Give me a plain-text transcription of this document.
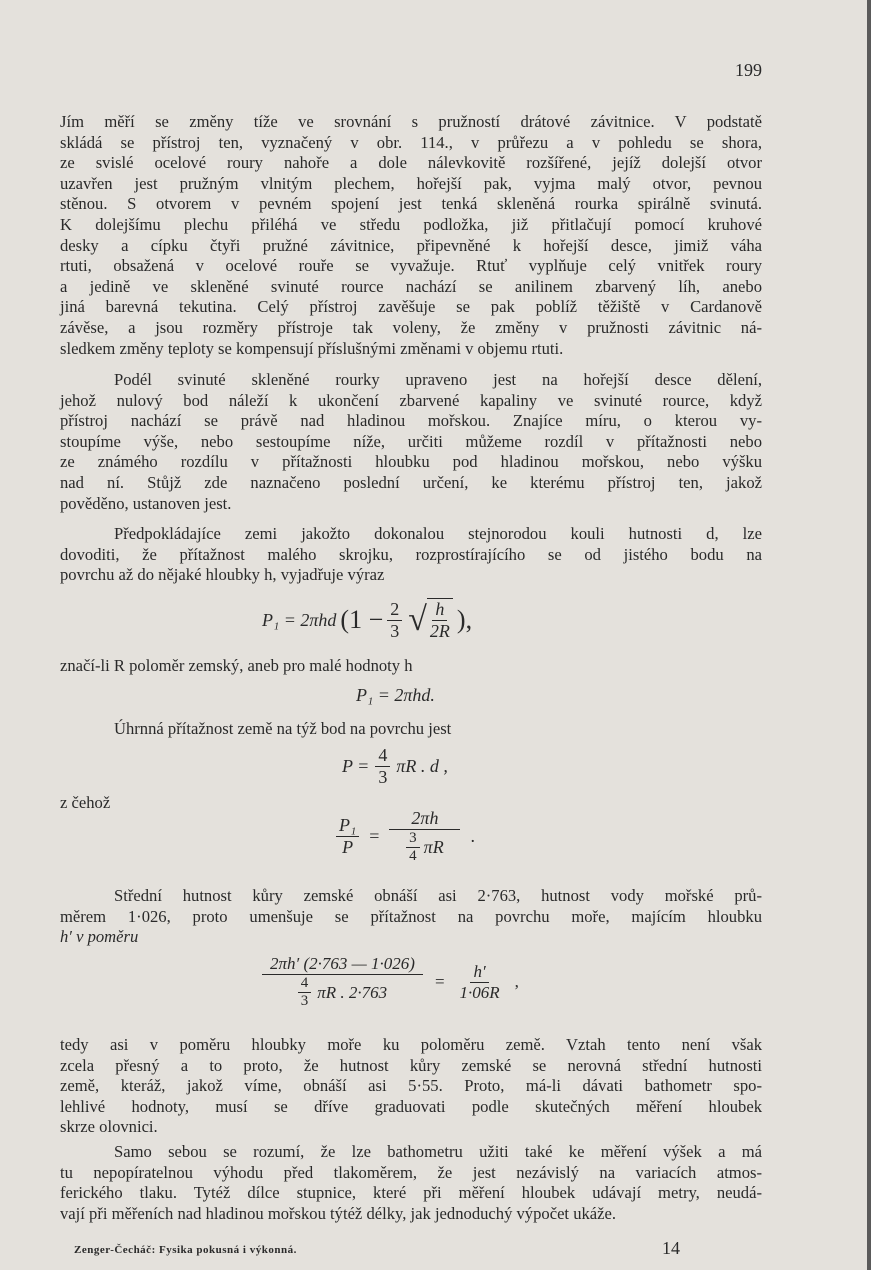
199
Jím měří se změny tíže ve srovnání s pružností drátové závitnice. V podstatě
skládá se přístroj ten, vyznačený v obr. 114., v průřezu a v pohledu se shora,
ze svislé ocelové roury nahoře a dole nálevkovitě rozšířené, jejíž dolejší otvor
uzavřen jest pružným vlnitým plechem, hořejší pak, vyjma malý otvor, pevnou
stěnou. S otvorem v pevném spojení jest tenká skleněná rourka spirálně svinutá.
K dolejšímu plechu přiléhá ve středu podložka, již přitlačují pomocí kruhové
desky a cípku čtyři pružné závitnice, připevněné k hořejší desce, jimiž váha
rtuti, obsažená v ocelové rouře se vyvažuje. Rtuť vyplňuje celý vnitřek roury
a jedině ve skleněné svinuté rource nachází se anilinem zbarvený líh, anebo
jiná barevná tekutina. Celý přístroj zavěšuje se pak poblíž těžiště v Cardanově
závěse, a jsou rozměry přístroje tak voleny, že změny v pružnosti závitnic ná-
sledkem změny teploty se kompensují příslušnými změnami v objemu rtuti.
Podél svinuté skleněné rourky upraveno jest na hořejší desce dělení,
jehož nulový bod náleží k ukončení zbarvené kapaliny ve svinuté rource, když
přístroj nachází se právě nad hladinou mořskou. Znajíce míru, o kterou vy-
stoupíme výše, nebo sestoupíme níže, určiti můžeme rozdíl v přítažnosti nebo
ze známého rozdílu v přítažnosti hloubku pod hladinou mořskou, nebo výšku
nad ní. Stůjž zde naznačeno poslední určení, ke kterému přístroj ten, jakož
pověděno, ustanoven jest.
Předpokládajíce zemi jakožto dokonalou stejnorodou kouli hutnosti d, lze
dovoditi, že přítažnost malého skrojku, rozprostírajícího se od jistého bodu na
povrchu až do nějaké hloubky h, vyjadřuje výraz
P₁ = 2πhd ($1 - \frac{2}{3}$ √ $\frac{h}{2R}$ ),
značí-li R poloměr zemský, aneb pro malé hodnoty h
P₁ = 2πhd.
Úhrnná přítažnost země na týž bod na povrchu jest
$P = \frac{4}{3}$ πR . d ,
z čehož
$\frac{\text{P₁}}{P} = \frac{2\pi h}{\frac{3}{4} \pi R}$ .
Střední hutnost kůry zemské obnáší asi 2·763, hutnost vody mořské prů-
měrem 1·026, proto umenšuje se přítažnost na povrchu moře, majícím hloubku
h′ v poměru
$\frac{2\pi h' (2\cdot 763 — 1\cdot 026)}{\frac{4}{3} \pi R . 2\cdot 763} = \frac{h'}{1\cdot 06R}$ ,
tedy asi v poměru hloubky moře ku poloměru země. Vztah tento není však
zcela přesný a to proto, že hutnost kůry zemské se nerovná střední hutnosti
země, kteráž, jakož víme, obnáší asi 5·55. Proto, má-li dávati bathometr spo-
lehlivé hodnoty, musí se dříve graduovati podle skutečných měření hloubek
skrze olovnici.
Samo sebou se rozumí, že lze bathometru užiti také ke měření výšek a má
tu nepopíratelnou výhodu před tlakoměrem, že jest nezávislý na variacích atmos-
ferického tlaku. Tytéž dílce stupnice, které při měření hloubek udávají metry, neudá-
vají při měřeních nad hladinou mořskou týtéž délky, jak jednoduchý výpočet ukáže.
Zenger-Čecháč: Fysika pokusná i výkonná.	14
